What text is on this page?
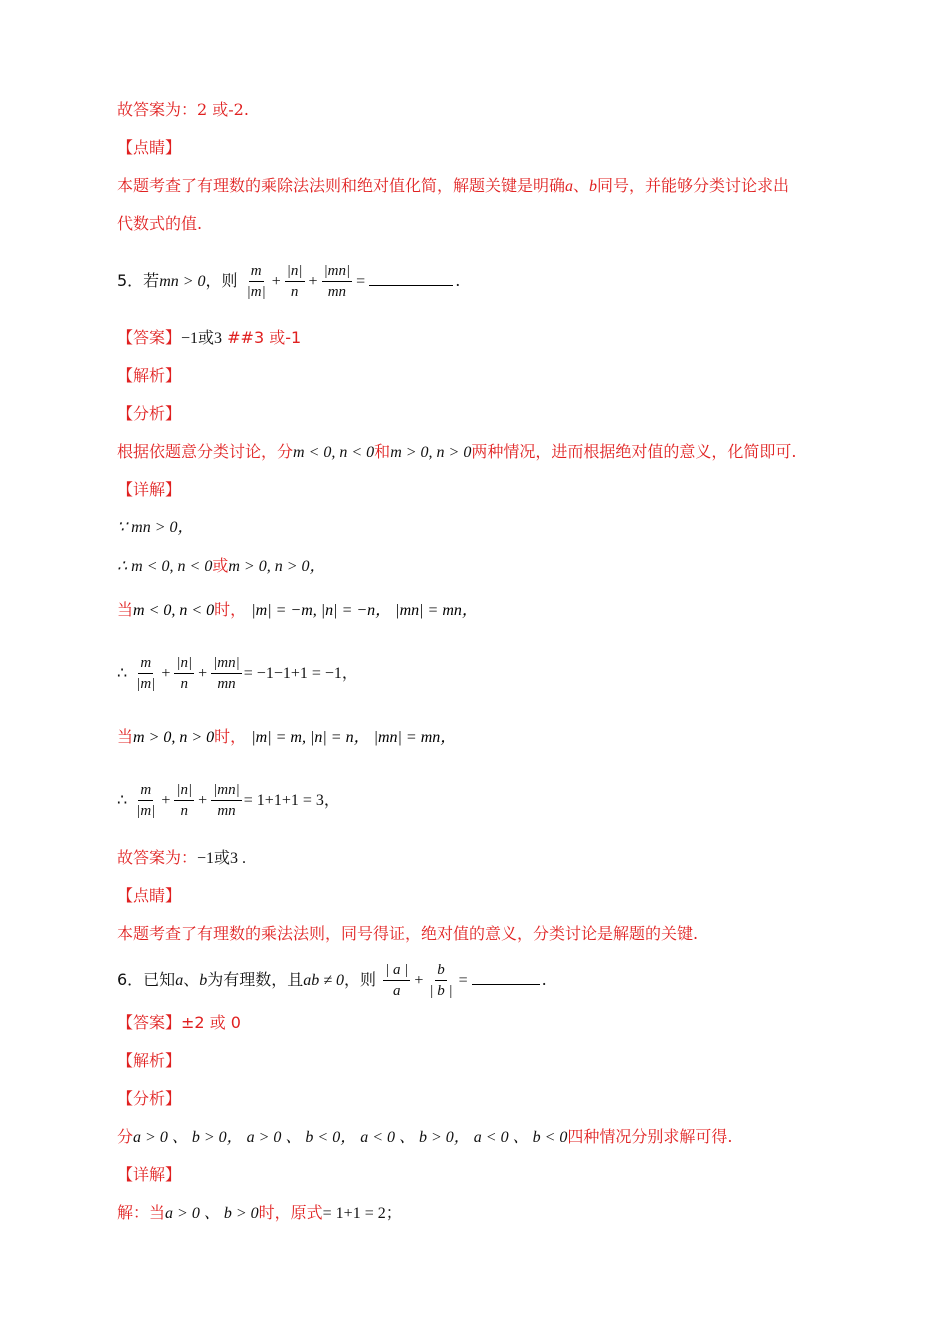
故答案为：2 或-2.
【点睛】
本题考查了有理数的乘除法法则和绝对值化简，解题关键是明确a、b同号，并能够分类讨论求出
代数式的值.
5．若mn > 0，则 $\frac{m}{|m|} + \frac{|n|}{n} + \frac{|mn|}{mn}$ =	.
【答案】−1或3 ##3 或-1
【解析】
【分析】
根据依题意分类讨论，分m < 0, n < 0和m > 0, n > 0两种情况，进而根据绝对值的意义，化简即可.
【详解】
∵ mn > 0，
∴ m < 0, n < 0或m > 0, n > 0，
当m < 0, n < 0时， |m| = −m, |n| = −n， |mn| = mn，
∴ $\frac{m}{|m|} + \frac{|n|}{n} + \frac{|mn|}{mn} = -1-1+1 = -1$，
当m > 0, n > 0时， |m| = m, |n| = n， |mn| = mn，
∴ $\frac{m}{|m|} + \frac{|n|}{n} + \frac{|mn|}{mn} = 1+1+1 = 3$，
故答案为：−1或3 .
【点睛】
本题考查了有理数的乘法法则，同号得证，绝对值的意义，分类讨论是解题的关键.
6．已知a、b为有理数，且ab ≠ 0，则 $\frac{| a |}{a} + \frac{b}{| b |}$ =	.
【答案】±2 或 0
【解析】
【分析】
分a > 0 、 b > 0， a > 0 、 b < 0， a < 0 、 b > 0， a < 0 、 b < 0四种情况分别求解可得.
【详解】
解：当a > 0 、 b > 0时，原式= 1+1 = 2；
